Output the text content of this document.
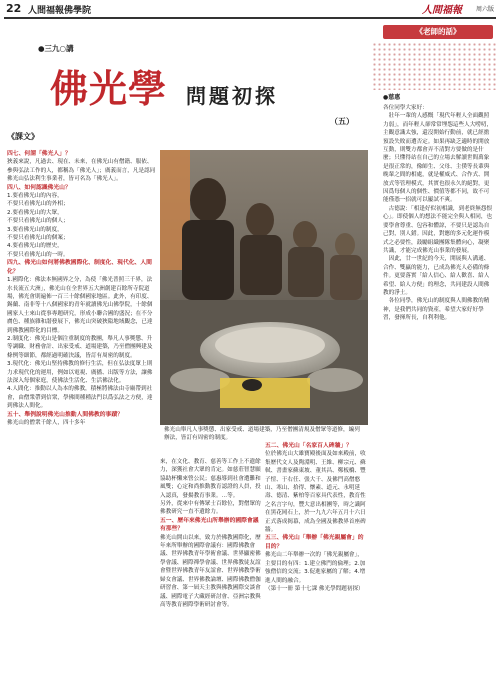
22 人間福報佛學院	人間福報 周六版
●三九○講
佛光學 問題初探
（五）
《課文》
四七、何謂「佛光人」？
狹義來說，凡過去、現在、未來，在佛光山有僧籍、服依、參與弘法工作的人，都稱為「佛光人」；廣義而言，凡是認同佛光山弘法利生事業者，皆可名為「佛光人」。
四八、如何認識佛光山？
1.要看佛光山的內容，
不要只看佛光山的外相；
2.要看佛光山的大眾，
不要只看佛光山的個人；
3.要看佛光山的制度，
不要只看佛光山的個案；
4.要看佛光山的歷史，
不要只看佛光山的一時。
四九、佛光山如何將佛教國際化、制度化、現代化、人間化？
1.國際化：佛法本無國界之分，為使「佛光普照三千界，法水長流五大洲」，佛光山在全世界五大洲創建百餘所寺院道場，佛光會則遍佈一百三十餘個國家地區。此外，有印度、錫蘭、南非等十八個國家的青年就讀佛光山佛學院，十餘個國家人士來山從事專題研究，形成小聯合國的盛況；在不分膚色、種族雜和諧發展下，佛光山突破狹隘地域觀念，已達到佛教國際化的目標。
2.制度化：佛光山是個注重制度的教團，舉凡人事獎懲、升等調職、財務會計、出家受戒、道場建築，乃至僧團興建及條例等細節，都經過明確決議，皆訂有周密的制度。
3.現代化：佛光山堅持佛教的修行生活，但在弘法度眾上則力求現代化的運用，例如以電視、廣播、出版等方法，讓佛法深入每個家庭，使佛法生活化、生活佛法化。
4.人間化：推動以人為本的佛教，積極將佛法由寺廟帶到社會，由僧衆帶到信衆，學佛間種種法門以爲弘法之方便，達到佛法人間化。
五十、舉例說明佛光山推動人間佛教的事蹟？
佛光山的僧衆千餘人，四十多年
佛光山舉凡人事獎懲、出家受戒、道場建築，乃至僧團清規及僧眾等道修，編列辦法，皆訂有周密的制度。
來，在文化、教育、慈善等工作上不遺餘力，深獲社會大眾的肯定。如慈莊智慧願協助杯懶來營公民；慈惠導到社會遭難和風雙；心定和尚推動教育認證的人員，投入認真，發揚教育事業。…等。
另外，從來中有傳眾士百餘位，對僧眾的佛教研究一直不遺餘力。
五一、歷年來佛光山所舉辦的國際會議有那些？
佛光山開山以來，致力於佛教國際化，歷年來所舉辦的國際會議有：國際佛教會議、世界佛教青年學術會議、世界顯密佛學會議、國際禪學會議、世界佛教徒友誼會暨世界佛教青年友誼會、世界佛教學術婦女會議、世界佛教論壇、國際佛教僧伽研習會、第一屆天主教與佛教國際交談會議、國際電子大藏經研討會、亞洲宗教與高等教育國際學術研討會等。
五二、佛光山「名家百人碑牆」？
位於佛光山大雄寶殿後面及如來殿前，收集歷代文人及陶淵明、王維、柳宗元、蘇軾、書畫家蘇東坡、董其昌、鄭板橋、豐子愷、于右任、張大千、及佛門高僧憨山、寒山、拾得、懷素、道元、永明延壽、德清、紫柏等百家具代表性，教育性之名言字句，豐大意出相團等，時之識阿在黑花岡石上，於一九九六年五月十六日正式落成揭幕，成為全國及佛教界首座碑牆。
五三、佛光山「舉辦「佛光親屬會」的目的？
佛光山二年舉辦一次的「佛光親屬會」，主要目的有四：1.建立佛門的倫理；2.加強僧信的交流；3.促進家屬的了解；4.增進人間的融合。
（第十一冊 第十七課 佛光學問題初探）
《老師的話》
●慈惠
各位同學大家好：
　壯年一輩的人感慨「現代年輕人全面觀照力弱」，而年輕人卻常常埋怨這些人大嘮叨，主觀意識太強，還沒開始行動前，就已經擔預設失敗而遭否定。如果再缺乏適時的開放互動，則雙方都會弄不清對方要做的是什麼；只懂得站在自己的立場去解讀世間萬象是很正常的，像師生、父母、主僕等長輩與晚輩之間的相處，就是權威式、合作式、開放式等管理模式，其實也很永久的絕對，更因爲每個人的個性、價值等都不同，故不可能僅憑一招就可以屢試不爽。
　古德說：「相逢好似初相識，到老終無怨恨心」。即使個人的想法不能完全與人相同，也要學會尊重、包容和體諒，不要只是認為自己對，別人錯。因此，對應的多元化運作模式之必要性，鼓勵組織團隊集體向心，凝聚共識，才能完成佛光山事業的發展。
　因此，廿一世紀的今天，開展與人溝通、合作、雙贏的能力，已成為佛光人必備的條件。更要落實「給人信心、給人歡喜、給人希望、給人方便」的理念，共同建設人間佛教的淨土。
　各位同學，佛光山的制度與人間佛教的精神，是我們共同的資產，希望大家好好學習，發揮所長，自利利他。
